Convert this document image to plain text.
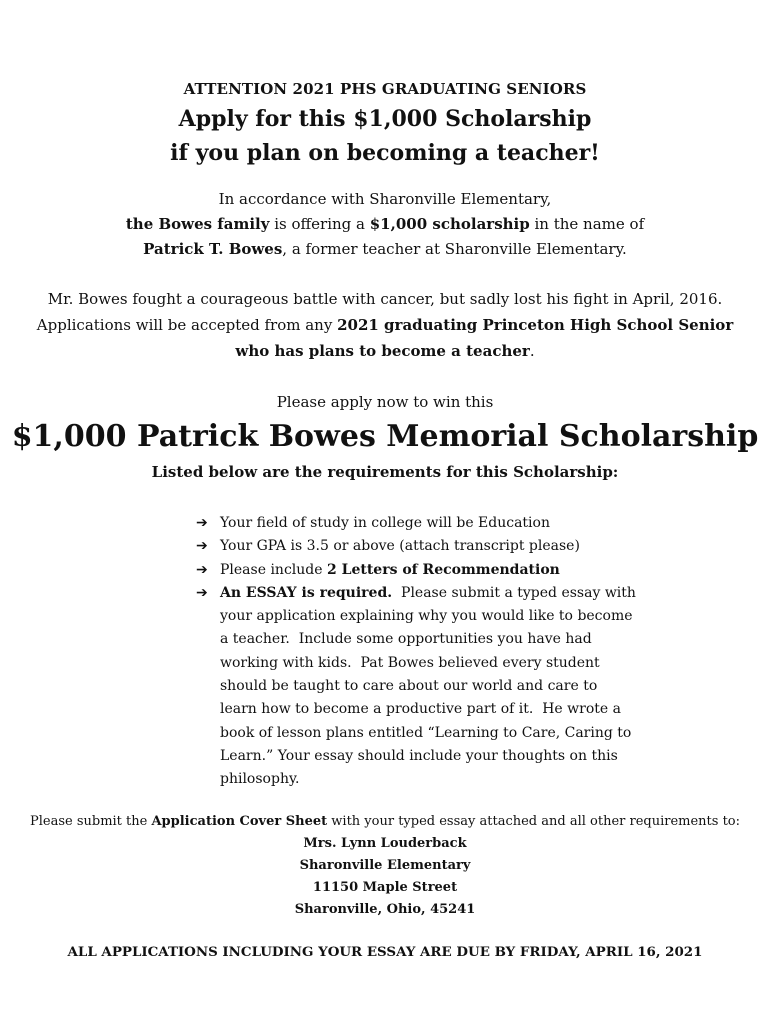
ATTENTION 2021 PHS GRADUATING SENIORS
Apply for this $1,000 Scholarship
if you plan on becoming a teacher!
In accordance with Sharonville Elementary,
the Bowes family is offering a $1,000 scholarship in the name of
Patrick T. Bowes, a former teacher at Sharonville Elementary.
Mr. Bowes fought a courageous battle with cancer, but sadly lost his fight in April, 2016.
Applications will be accepted from any 2021 graduating Princeton High School Senior
who has plans to become a teacher.
Please apply now to win this
$1,000 Patrick Bowes Memorial Scholarship
Listed below are the requirements for this Scholarship:
➔ Your field of study in college will be Education
➔ Your GPA is 3.5 or above (attach transcript please)
➔ Please include 2 Letters of Recommendation
➔ An ESSAY is required.  Please submit a typed essay with your application explaining why you would like to become a teacher.  Include some opportunities you have had working with kids.  Pat Bowes believed every student should be taught to care about our world and care to learn how to become a productive part of it.  He wrote a book of lesson plans entitled “Learning to Care, Caring to Learn.” Your essay should include your thoughts on this philosophy.
Please submit the Application Cover Sheet with your typed essay attached and all other requirements to:
Mrs. Lynn Louderback
Sharonville Elementary
11150 Maple Street
Sharonville, Ohio, 45241
ALL APPLICATIONS INCLUDING YOUR ESSAY ARE DUE BY FRIDAY, APRIL 16, 2021
